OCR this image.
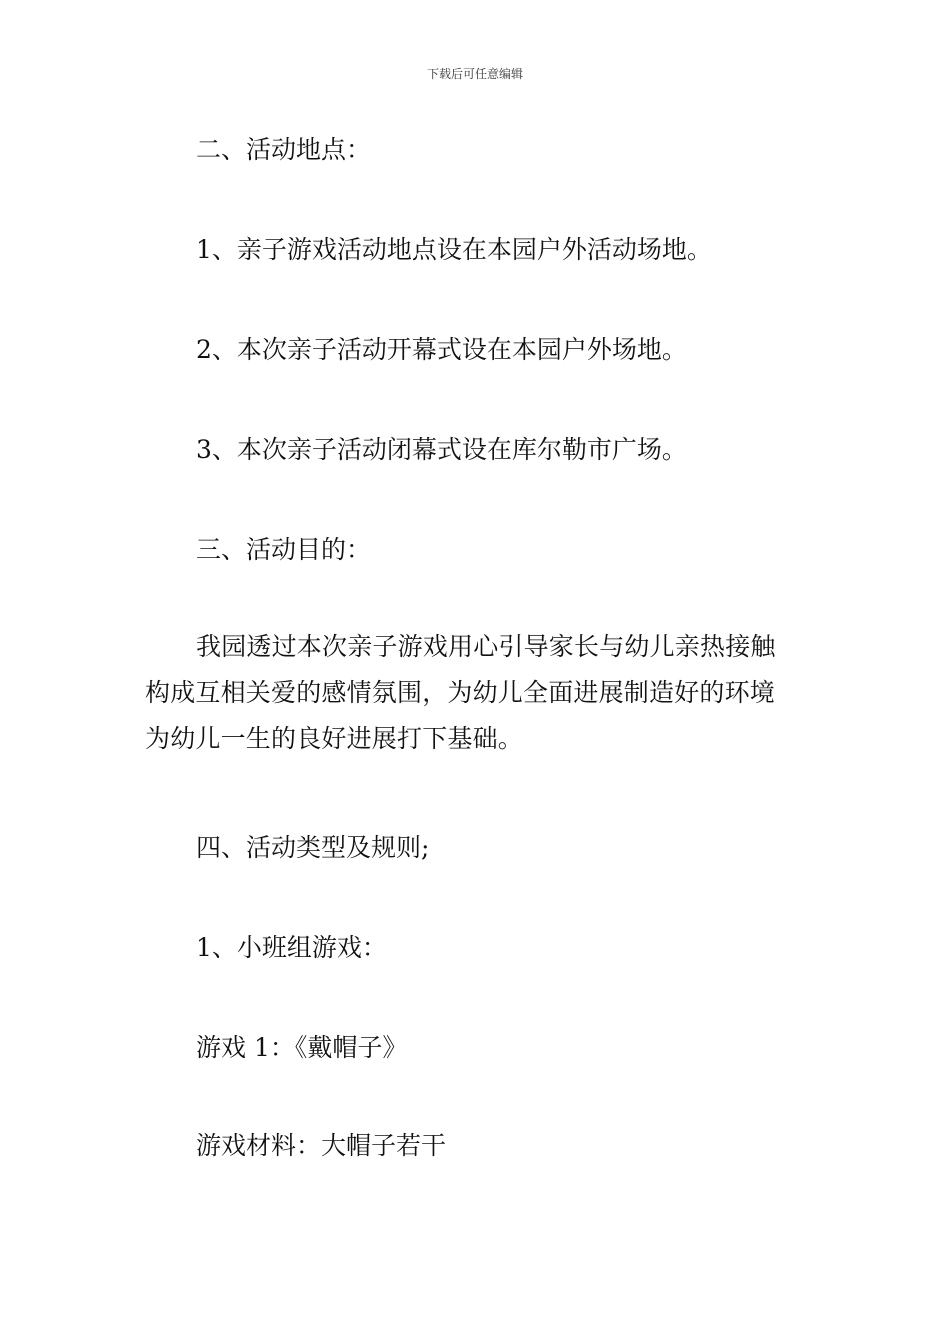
下载后可任意编辑

二、活动地点：

1、亲子游戏活动地点设在本园户外活动场地。

2、本次亲子活动开幕式设在本园户外场地。

3、本次亲子活动闭幕式设在库尔勒市广场。

三、活动目的：

我园透过本次亲子游戏用心引导家长与幼儿亲热接触
构成互相关爱的感情氛围，为幼儿全面进展制造好的环境
为幼儿一生的良好进展打下基础。

四、活动类型及规则;

1、小班组游戏：

游戏 1：《戴帽子》

游戏材料：大帽子若干
